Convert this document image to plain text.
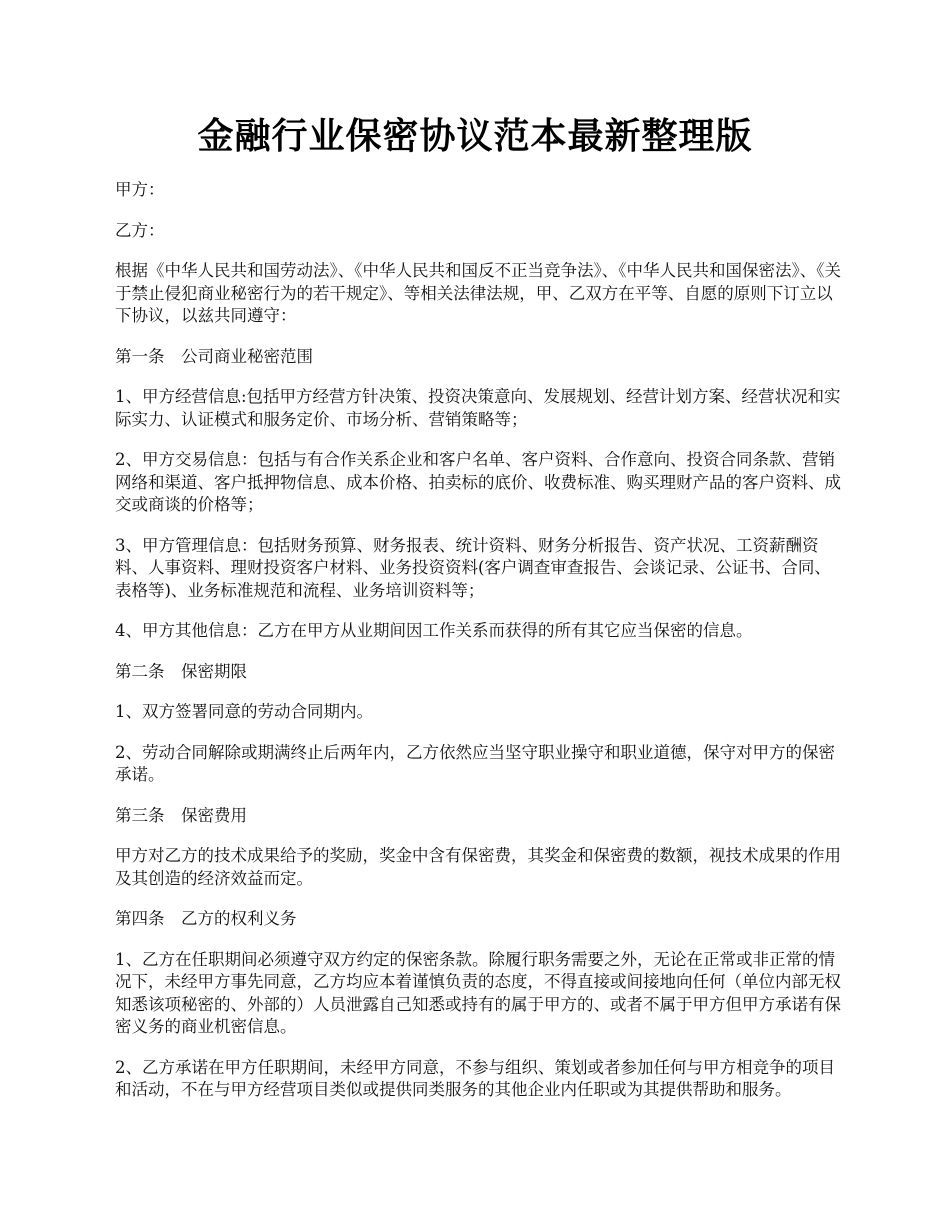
金融行业保密协议范本最新整理版

甲方：

乙方：

根据《中华人民共和国劳动法》、《中华人民共和国反不正当竞争法》、《中华人民共和国保密法》、《关于禁止侵犯商业秘密行为的若干规定》、等相关法律法规，甲、乙双方在平等、自愿的原则下订立以下协议，以兹共同遵守：

第一条　公司商业秘密范围

1、甲方经营信息:包括甲方经营方针决策、投资决策意向、发展规划、经营计划方案、经营状况和实际实力、认证模式和服务定价、市场分析、营销策略等；

2、甲方交易信息：包括与有合作关系企业和客户名单、客户资料、合作意向、投资合同条款、营销网络和渠道、客户抵押物信息、成本价格、拍卖标的底价、收费标准、购买理财产品的客户资料、成交或商谈的价格等；

3、甲方管理信息：包括财务预算、财务报表、统计资料、财务分析报告、资产状况、工资薪酬资料、人事资料、理财投资客户材料、业务投资资料(客户调查审查报告、会谈记录、公证书、合同、表格等)、业务标准规范和流程、业务培训资料等；

4、甲方其他信息：乙方在甲方从业期间因工作关系而获得的所有其它应当保密的信息。

第二条　保密期限

1、双方签署同意的劳动合同期内。

2、劳动合同解除或期满终止后两年内，乙方依然应当坚守职业操守和职业道德，保守对甲方的保密承诺。

第三条　保密费用

甲方对乙方的技术成果给予的奖励，奖金中含有保密费，其奖金和保密费的数额，视技术成果的作用及其创造的经济效益而定。

第四条　乙方的权利义务

1、乙方在任职期间必须遵守双方约定的保密条款。除履行职务需要之外，无论在正常或非正常的情况下，未经甲方事先同意，乙方均应本着谨慎负责的态度，不得直接或间接地向任何（单位内部无权知悉该项秘密的、外部的）人员泄露自己知悉或持有的属于甲方的、或者不属于甲方但甲方承诺有保密义务的商业机密信息。

2、乙方承诺在甲方任职期间，未经甲方同意，不参与组织、策划或者参加任何与甲方相竞争的项目和活动，不在与甲方经营项目类似或提供同类服务的其他企业内任职或为其提供帮助和服务。
